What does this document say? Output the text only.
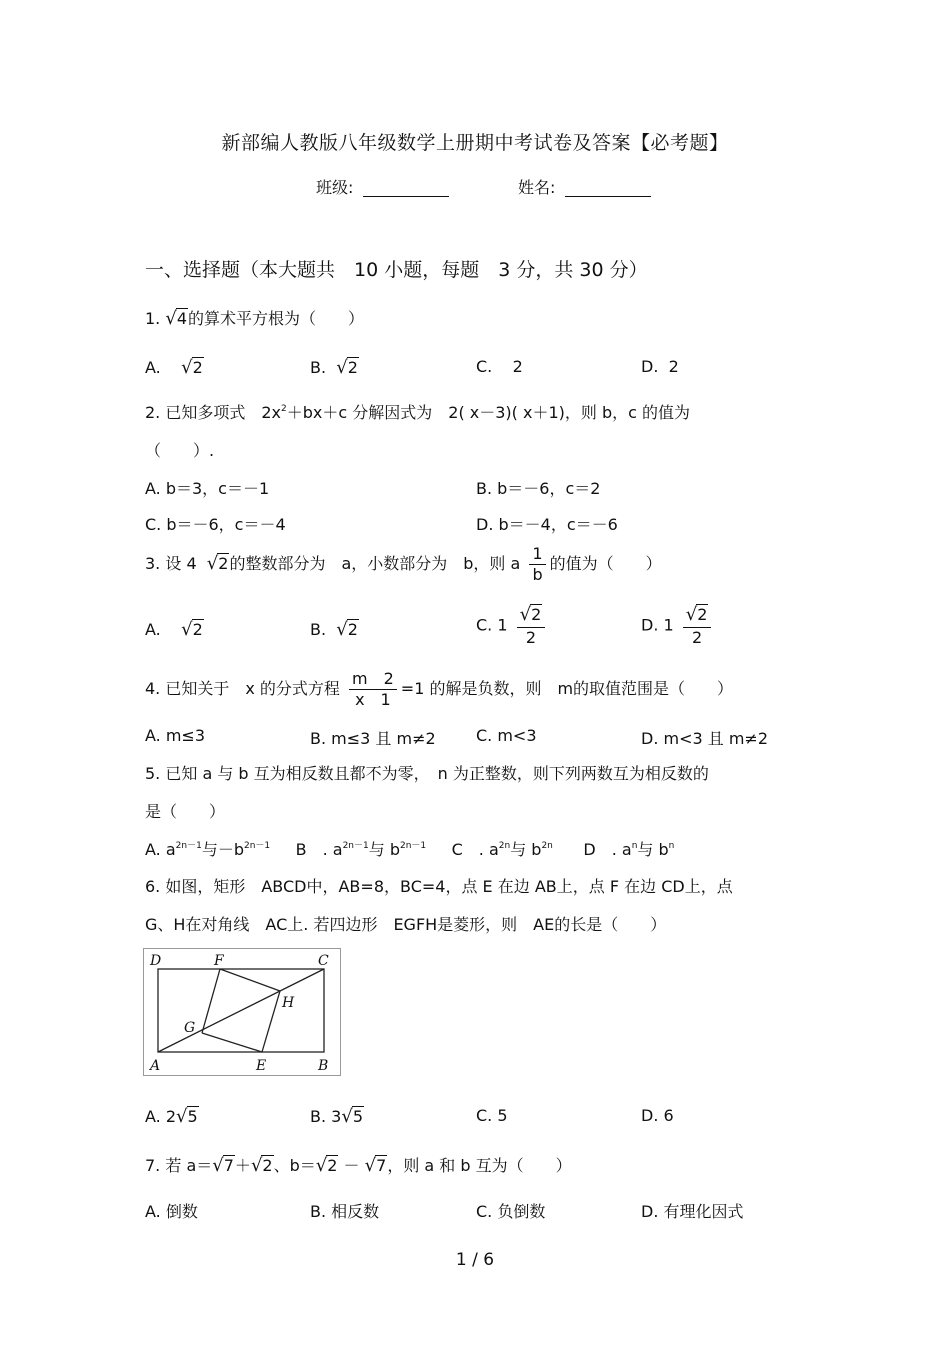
新部编人教版八年级数学上册期中考试卷及答案【必考题】
班级:	姓名:
一、选择题（本大题共　10 小题，每题　3 分，共 30 分）
1. √4的算术平方根为（　　）
A. √2	B. √2	C. 2	D. 2
2. 已知多项式　$2x^2+bx+c$ 分解因式为　2( x－3)( x＋1)，则 b，c 的值为
（　　）.
A. b＝3，c＝－1	B. b＝－6，c＝2
C. b＝－6，c＝－4	D. b＝－4，c＝－6
3. 设 4 √2的整数部分为　a，小数部分为　b，则 a $\frac{1}{b}$ 的值为（　　）
A. √2	B. √2	C. $1 \frac{√2}{2}$	D. $1 \frac{√2}{2}$
4. 已知关于　x 的分式方程 $\frac{m 2}{x 1} =1$ 的解是负数，则　m的取值范围是（　　）
A. m≤3	B. m≤3 且 m≠2	C. m<3	D. m<3 且 m≠2
5. 已知 a 与 b 互为相反数且都不为零，　n 为正整数，则下列两数互为相反数的
是（　　）
A. $a^{2n-1}$与$-b^{2n-1}$ B　. $a^{2n-1}$与 $b^{2n-1}$ C　. $a^{2n}$与 $b^{2n}$ D　. $a^n$与 $b^n$
6. 如图，矩形　ABCD中，AB=8，BC=4，点 E 在边 AB上，点 F 在边 CD上，点
G、H在对角线　AC上. 若四边形　EGFH是菱形，则　AE的长是（　　）
D	F	C
H
G
A	E	B
A. 2√5	B. 3√5	C. 5	D. 6
7. 若 a＝√7＋√2、b＝√2 － √7，则 a 和 b 互为（　　）
A. 倒数	B. 相反数	C. 负倒数	D. 有理化因式
1 / 6
